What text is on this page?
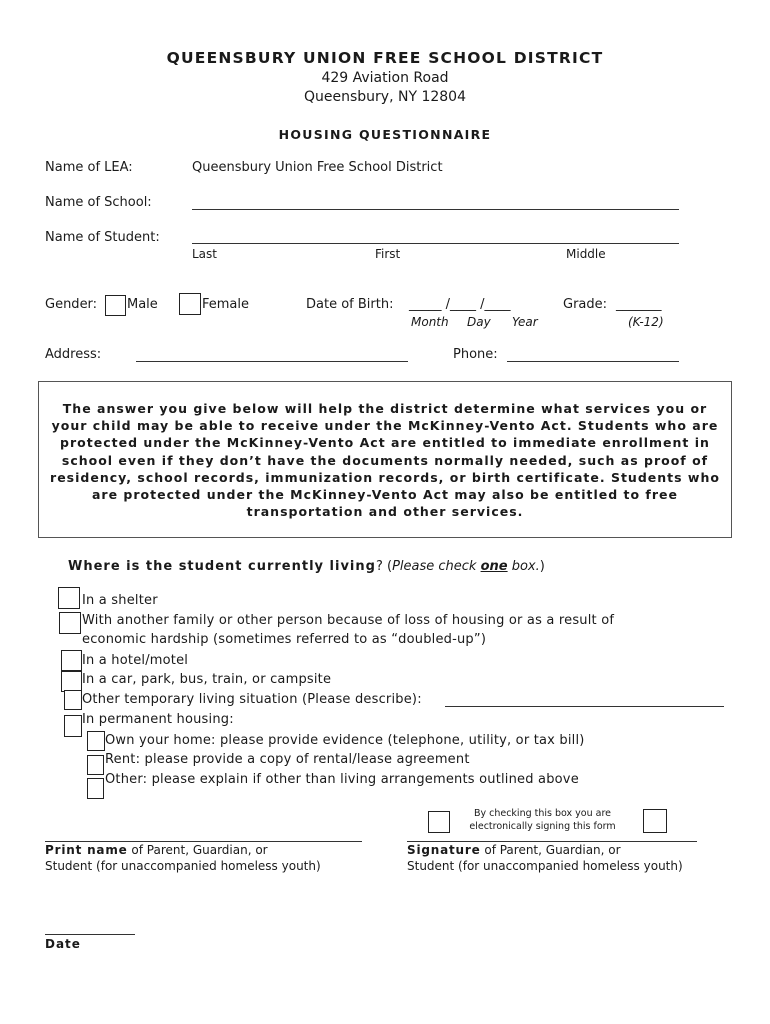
QUEENSBURY UNION FREE SCHOOL DISTRICT
429 Aviation Road
Queensbury, NY 12804
HOUSING QUESTIONNAIRE
Name of LEA:	Queensbury Union Free School District
Name of School:
Name of Student:
Last	First	Middle
Gender: Male	Female	Date of Birth: _____ /____ /____
Month Day Year
Grade: _______
(K-12)
Address:	Phone:
The answer you give below will help the district determine what services you or your child may be able to receive under the McKinney-Vento Act. Students who are protected under the McKinney-Vento Act are entitled to immediate enrollment in school even if they don’t have the documents normally needed, such as proof of residency, school records, immunization records, or birth certificate. Students who are protected under the McKinney-Vento Act may also be entitled to free transportation and other services.
Where is the student currently living? (Please check one box.)
In a shelter
With another family or other person because of loss of housing or as a result of
economic hardship (sometimes referred to as “doubled-up”)
In a hotel/motel
In a car, park, bus, train, or campsite
Other temporary living situation (Please describe):
In permanent housing:
Own your home: please provide evidence (telephone, utility, or tax bill)
Rent: please provide a copy of rental/lease agreement
Other: please explain if other than living arrangements outlined above
By checking this box you are
electronically signing this form
Print name of Parent, Guardian, or
Student (for unaccompanied homeless youth)
Signature of Parent, Guardian, or
Student (for unaccompanied homeless youth)
Date
